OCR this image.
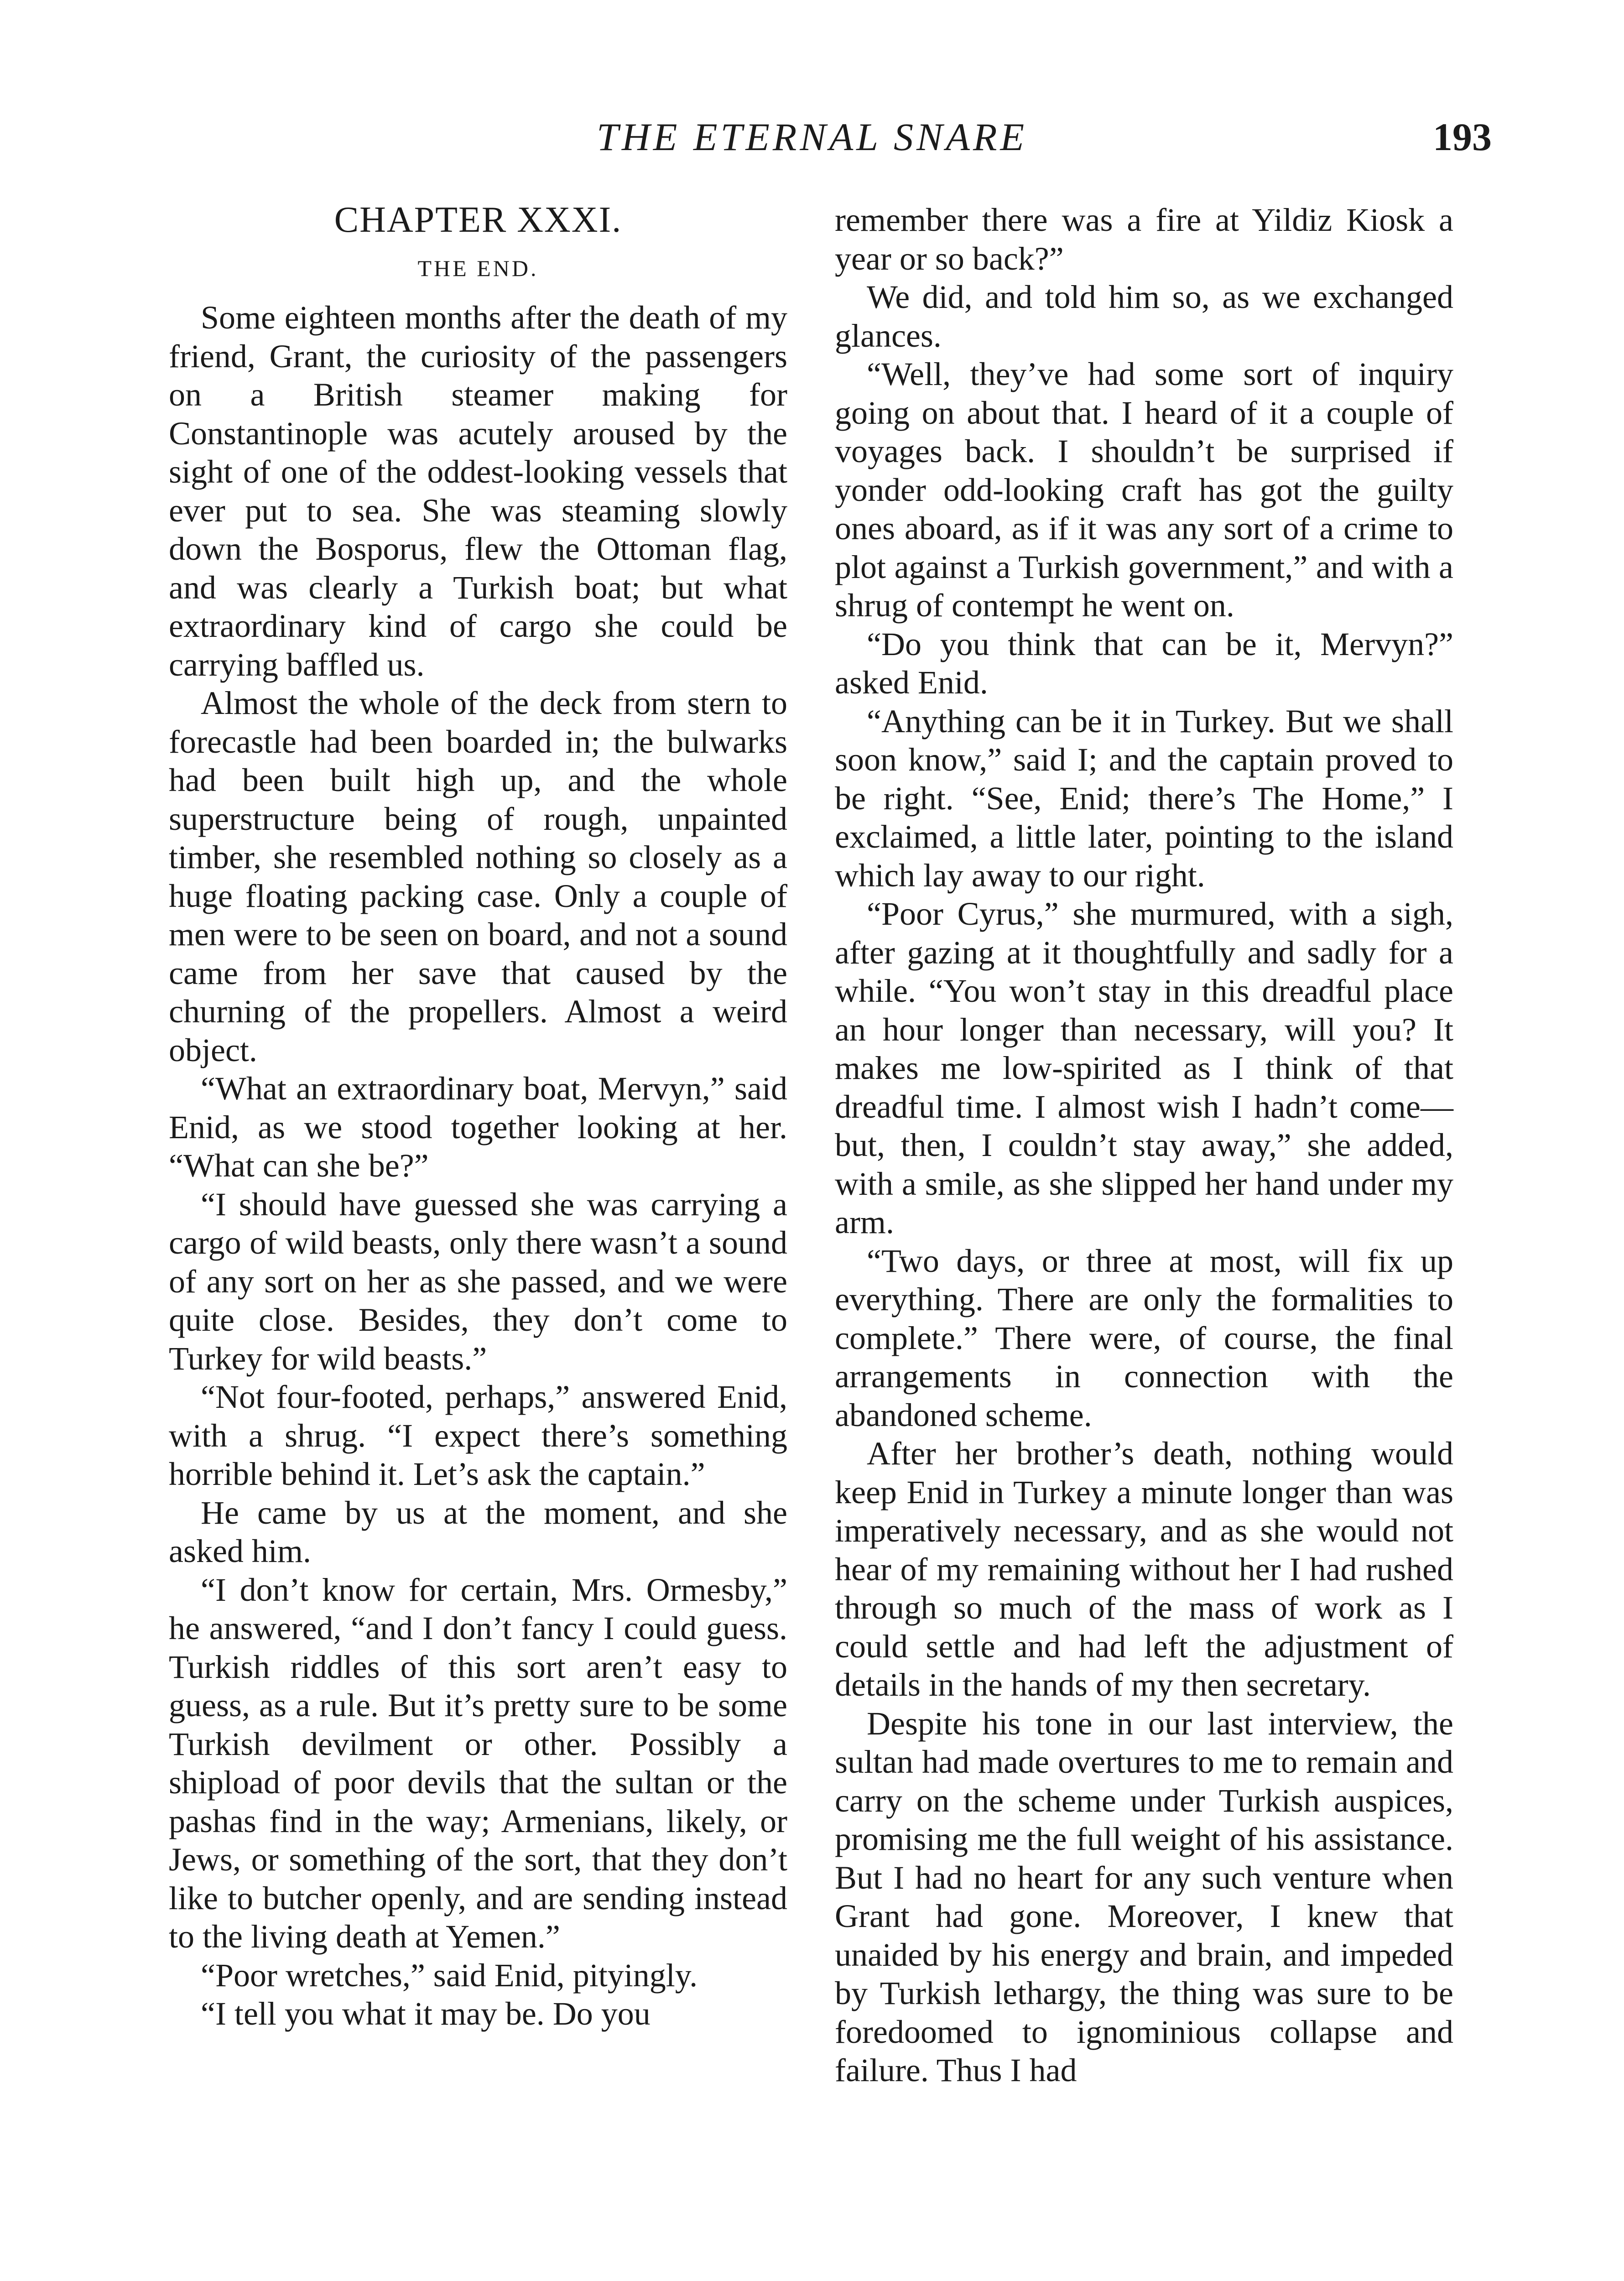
THE ETERNAL SNARE	193
CHAPTER XXXI.
THE END.

Some eighteen months after the death of my friend, Grant, the curiosity of the passengers on a British steamer making for Constantinople was acutely aroused by the sight of one of the oddest-looking vessels that ever put to sea. She was steaming slowly down the Bosporus, flew the Ottoman flag, and was clearly a Turkish boat; but what extraordinary kind of cargo she could be carrying baffled us.

Almost the whole of the deck from stern to forecastle had been boarded in; the bulwarks had been built high up, and the whole superstructure being of rough, unpainted timber, she resembled nothing so closely as a huge floating packing case. Only a couple of men were to be seen on board, and not a sound came from her save that caused by the churning of the propellers. Almost a weird object.

“What an extraordinary boat, Mervyn,” said Enid, as we stood together looking at her. “What can she be?”

“I should have guessed she was carrying a cargo of wild beasts, only there wasn’t a sound of any sort on her as she passed, and we were quite close. Besides, they don’t come to Turkey for wild beasts.”

“Not four-footed, perhaps,” answered Enid, with a shrug. “I expect there’s something horrible behind it. Let’s ask the captain.”

He came by us at the moment, and she asked him.

“I don’t know for certain, Mrs. Ormesby,” he answered, “and I don’t fancy I could guess. Turkish riddles of this sort aren’t easy to guess, as a rule. But it’s pretty sure to be some Turkish devilment or other. Possibly a shipload of poor devils that the sultan or the pashas find in the way; Armenians, likely, or Jews, or something of the sort, that they don’t like to butcher openly, and are sending instead to the living death at Yemen.”

“Poor wretches,” said Enid, pityingly.

“I tell you what it may be. Do you

remember there was a fire at Yildiz Kiosk a year or so back?”

We did, and told him so, as we exchanged glances.

“Well, they’ve had some sort of inquiry going on about that. I heard of it a couple of voyages back. I shouldn’t be surprised if yonder odd-looking craft has got the guilty ones aboard, as if it was any sort of a crime to plot against a Turkish government,” and with a shrug of contempt he went on.

“Do you think that can be it, Mervyn?” asked Enid.

“Anything can be it in Turkey. But we shall soon know,” said I; and the captain proved to be right. “See, Enid; there’s The Home,” I exclaimed, a little later, pointing to the island which lay away to our right.

“Poor Cyrus,” she murmured, with a sigh, after gazing at it thoughtfully and sadly for a while. “You won’t stay in this dreadful place an hour longer than necessary, will you? It makes me low-spirited as I think of that dreadful time. I almost wish I hadn’t come—but, then, I couldn’t stay away,” she added, with a smile, as she slipped her hand under my arm.

“Two days, or three at most, will fix up everything. There are only the formalities to complete.” There were, of course, the final arrangements in connection with the abandoned scheme.

After her brother’s death, nothing would keep Enid in Turkey a minute longer than was imperatively necessary, and as she would not hear of my remaining without her I had rushed through so much of the mass of work as I could settle and had left the adjustment of details in the hands of my then secretary.

Despite his tone in our last interview, the sultan had made overtures to me to remain and carry on the scheme under Turkish auspices, promising me the full weight of his assistance. But I had no heart for any such venture when Grant had gone. Moreover, I knew that unaided by his energy and brain, and impeded by Turkish lethargy, the thing was sure to be foredoomed to ignominious collapse and failure. Thus I had
